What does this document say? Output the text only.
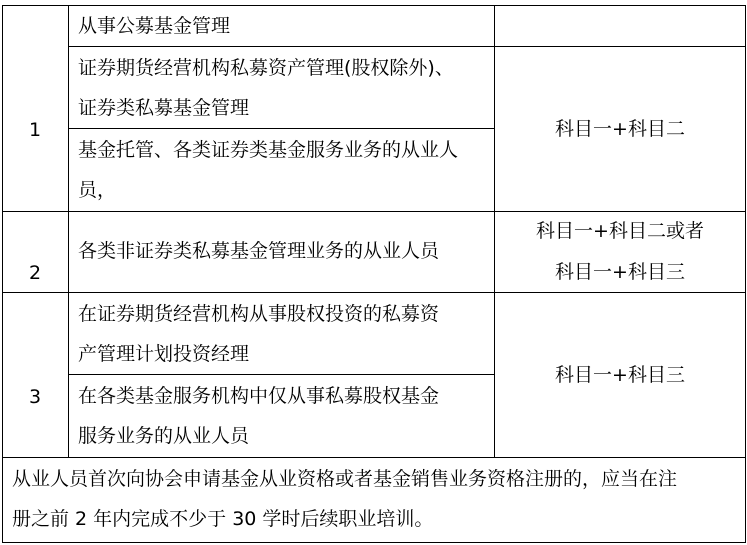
1
2
3
从事公募基金管理
证券期货经营机构私募资产管理(股权除外)、
证券类私募基金管理
基金托管、各类证券类基金服务业务的从业人
员，
各类非证券类私募基金管理业务的从业人员
在证券期货经营机构从事股权投资的私募资
产管理计划投资经理
在各类基金服务机构中仅从事私募股权基金
服务业务的从业人员
科目一+科目二
科目一+科目二或者
科目一+科目三
科目一+科目三
从业人员首次向协会申请基金从业资格或者基金销售业务资格注册的，应当在注
册之前 2 年内完成不少于 30 学时后续职业培训。
